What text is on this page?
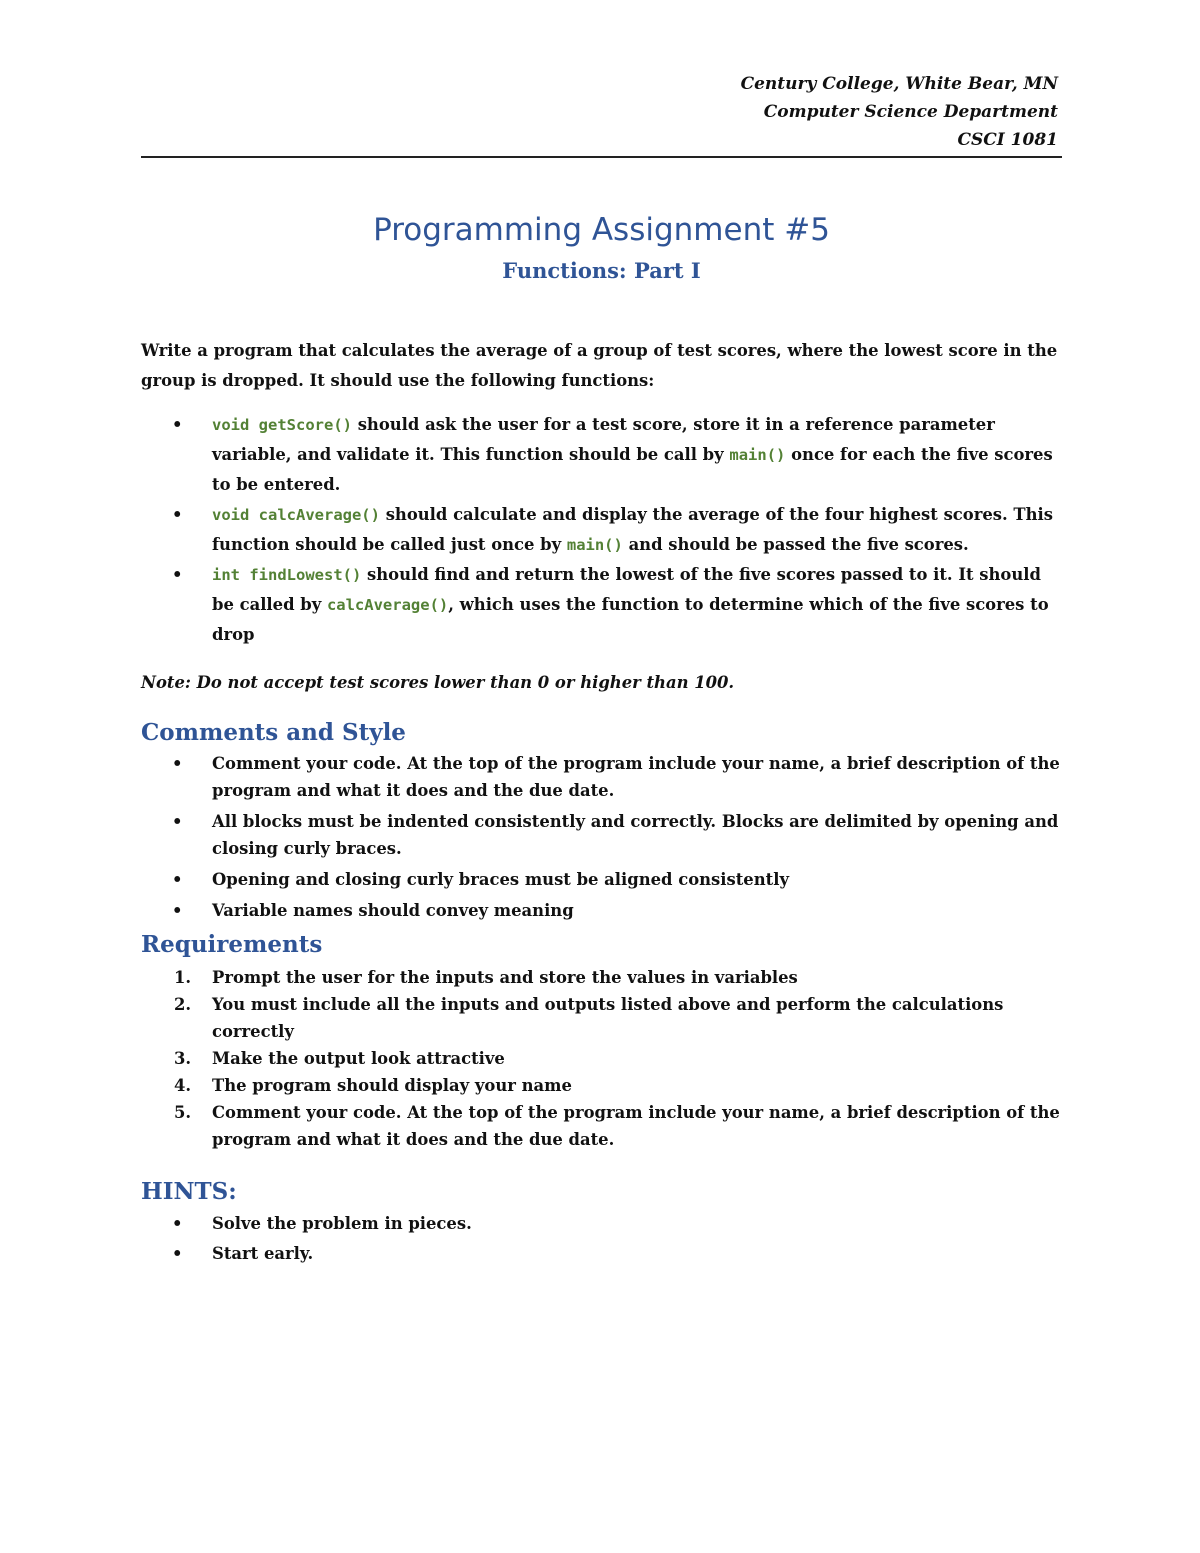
Century College, White Bear, MN
Computer Science Department
CSCI 1081
Programming Assignment #5
Functions: Part I
Write a program that calculates the average of a group of test scores, where the lowest score in the group is dropped. It should use the following functions:
• void getScore() should ask the user for a test score, store it in a reference parameter variable, and validate it. This function should be call by main() once for each the five scores to be entered.
• void calcAverage() should calculate and display the average of the four highest scores. This function should be called just once by main() and should be passed the five scores.
• int findLowest() should find and return the lowest of the five scores passed to it. It should be called by calcAverage(), which uses the function to determine which of the five scores to drop
Note: Do not accept test scores lower than 0 or higher than 100.
Comments and Style
• Comment your code. At the top of the program include your name, a brief description of the program and what it does and the due date.
• All blocks must be indented consistently and correctly. Blocks are delimited by opening and closing curly braces.
• Opening and closing curly braces must be aligned consistently
• Variable names should convey meaning
Requirements
1. Prompt the user for the inputs and store the values in variables
2. You must include all the inputs and outputs listed above and perform the calculations correctly
3. Make the output look attractive
4. The program should display your name
5. Comment your code. At the top of the program include your name, a brief description of the program and what it does and the due date.
HINTS:
• Solve the problem in pieces.
• Start early.
